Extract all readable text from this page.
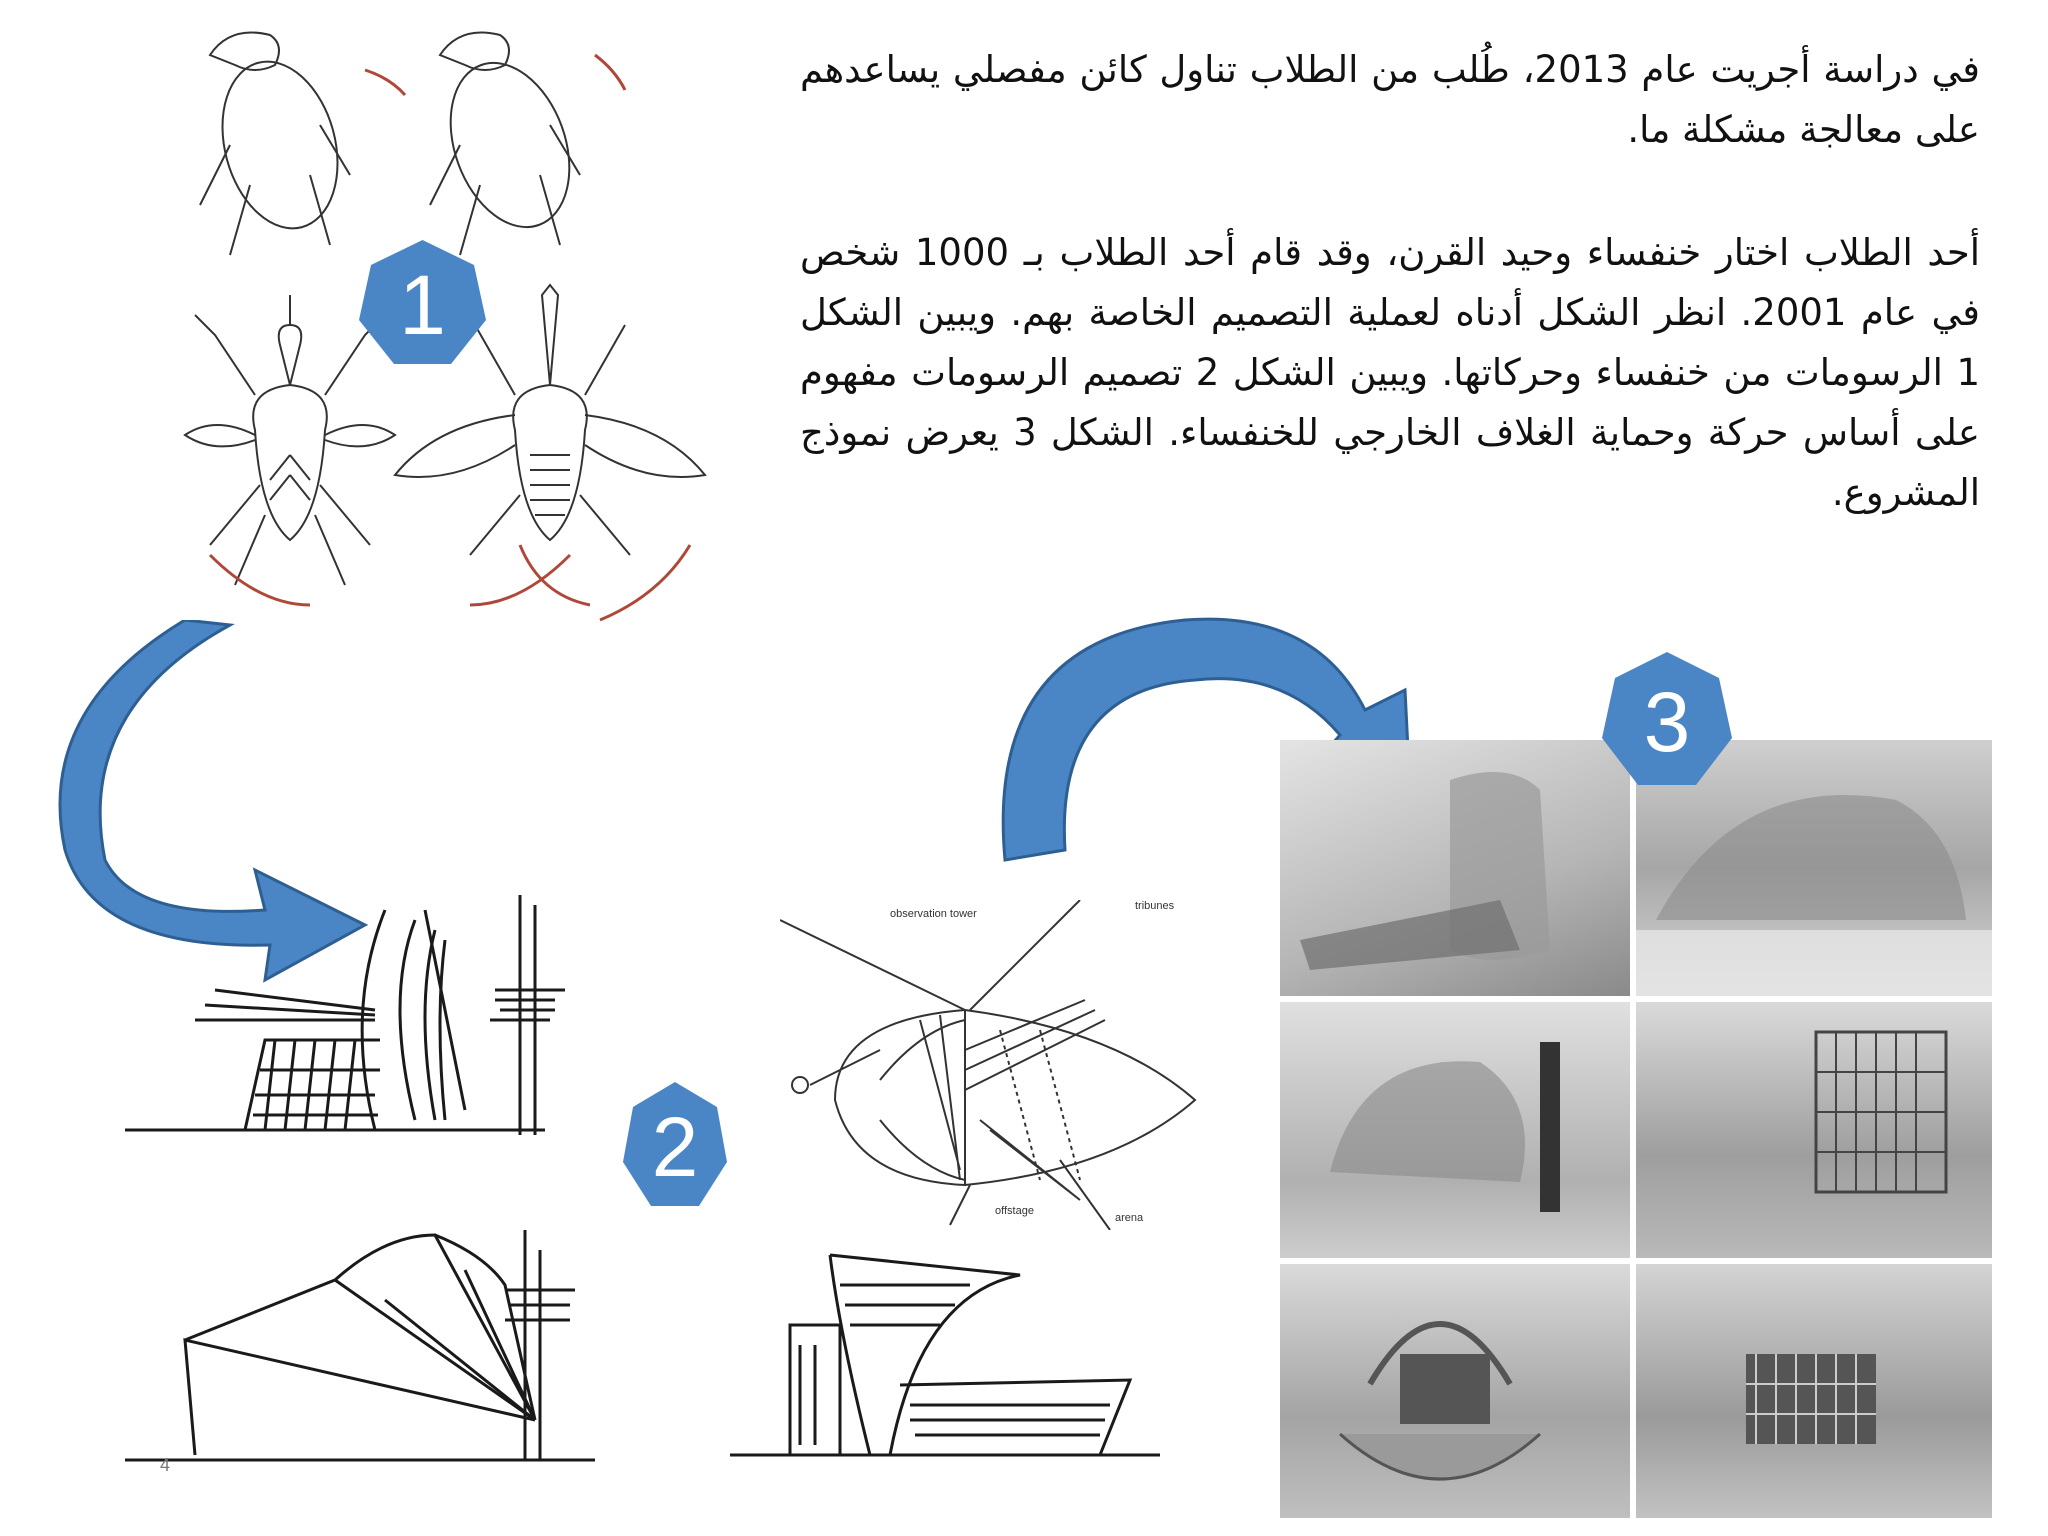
في دراسة أجريت عام 2013، طُلب من الطلاب تناول كائن مفصلي يساعدهم على معالجة مشكلة ما.
أحد الطلاب اختار خنفساء وحيد القرن، وقد قام أحد الطلاب بـ 1000 شخص في عام 2001. انظر الشكل أدناه لعملية التصميم الخاصة بهم. ويبين الشكل 1 الرسومات من خنفساء وحركاتها. ويبين الشكل 2 تصميم الرسومات مفهوم على أساس حركة وحماية الغلاف الخارجي للخنفساء. الشكل 3 يعرض نموذج المشروع.
1
2
observation tower
tribunes
offstage
arena
3
4
